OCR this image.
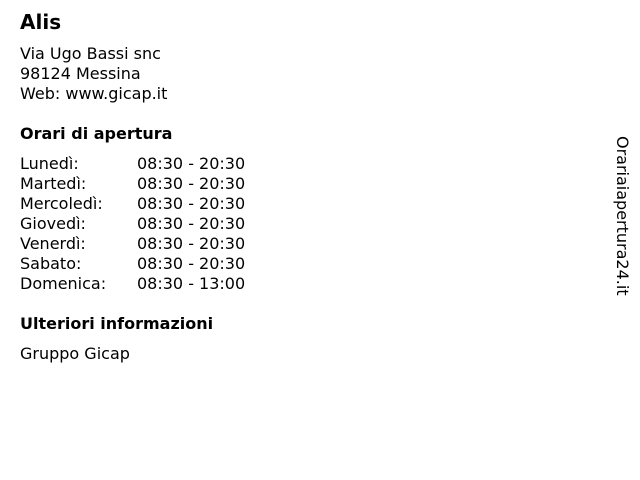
Alis
Via Ugo Bassi snc
98124 Messina
Web: www.gicap.it
Orari di apertura
Lunedì:	08:30 - 20:30
Martedì:	08:30 - 20:30
Mercoledì:	08:30 - 20:30
Giovedì:	08:30 - 20:30
Venerdì:	08:30 - 20:30
Sabato:	08:30 - 20:30
Domenica:	08:30 - 13:00
Ulteriori informazioni
Gruppo Gicap
Orariaiapertura24.it
